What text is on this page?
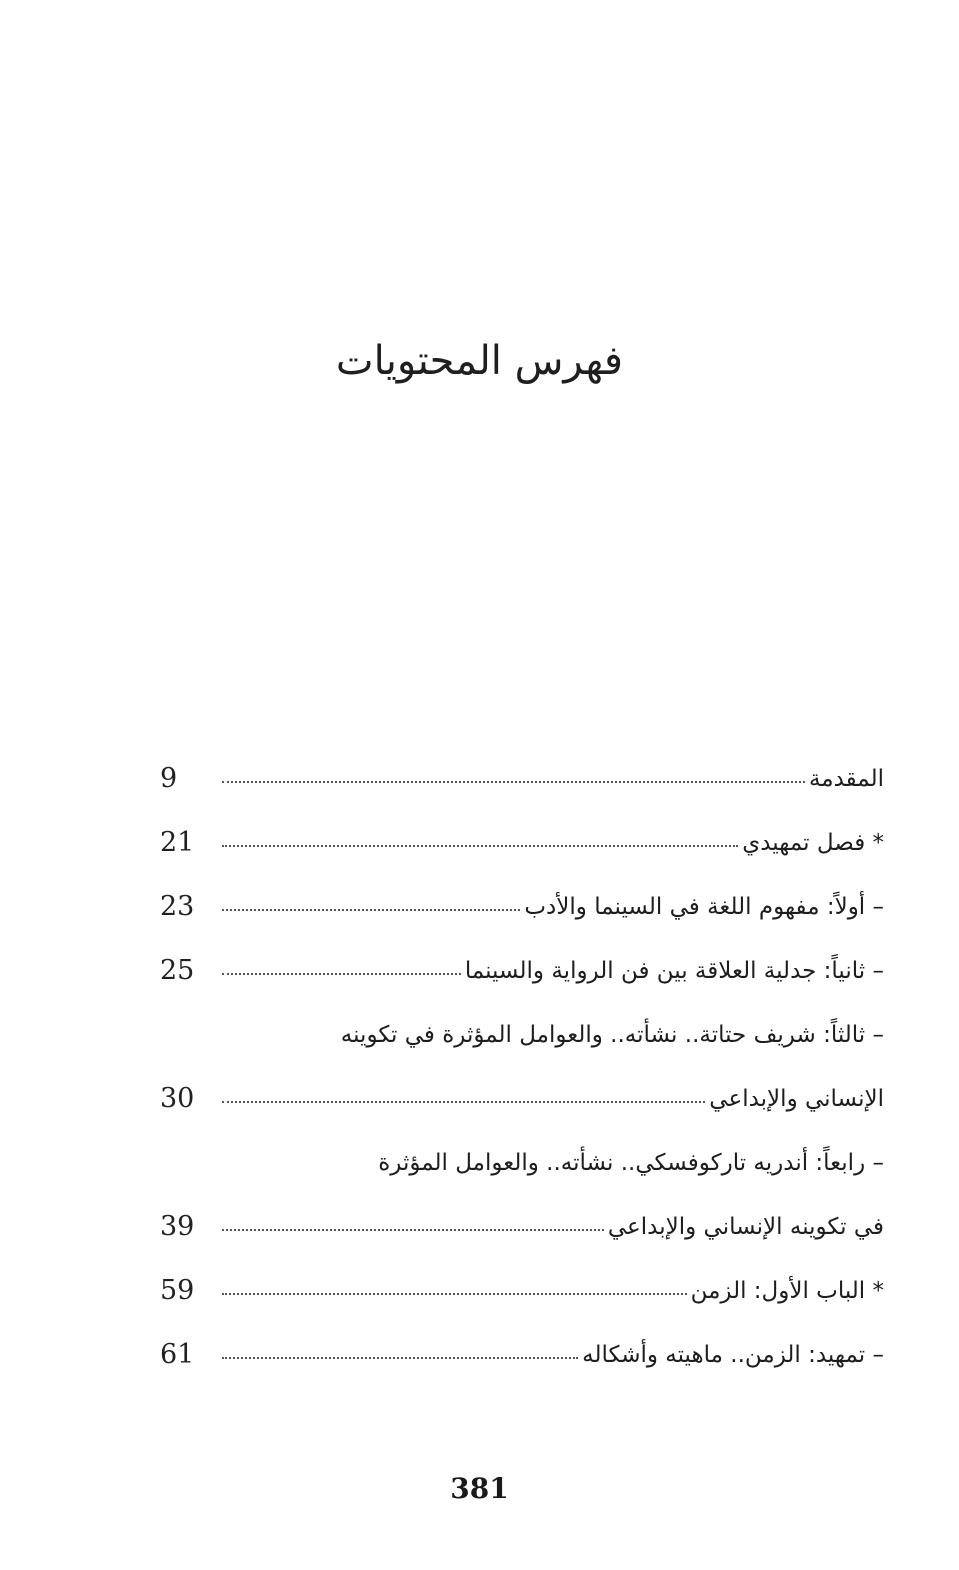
فهرس المحتويات
المقدمة
9
* فصل تمهيدي
21
– أولاً: مفهوم اللغة في السينما والأدب
23
– ثانياً: جدلية العلاقة بين فن الرواية والسينما
25
– ثالثاً: شريف حتاتة.. نشأته.. والعوامل المؤثرة في تكوينه
الإنساني والإبداعي
30
– رابعاً: أندريه تاركوفسكي.. نشأته.. والعوامل المؤثرة
في تكوينه الإنساني والإبداعي
39
* الباب الأول: الزمن
59
– تمهيد: الزمن.. ماهيته وأشكاله
61
381
